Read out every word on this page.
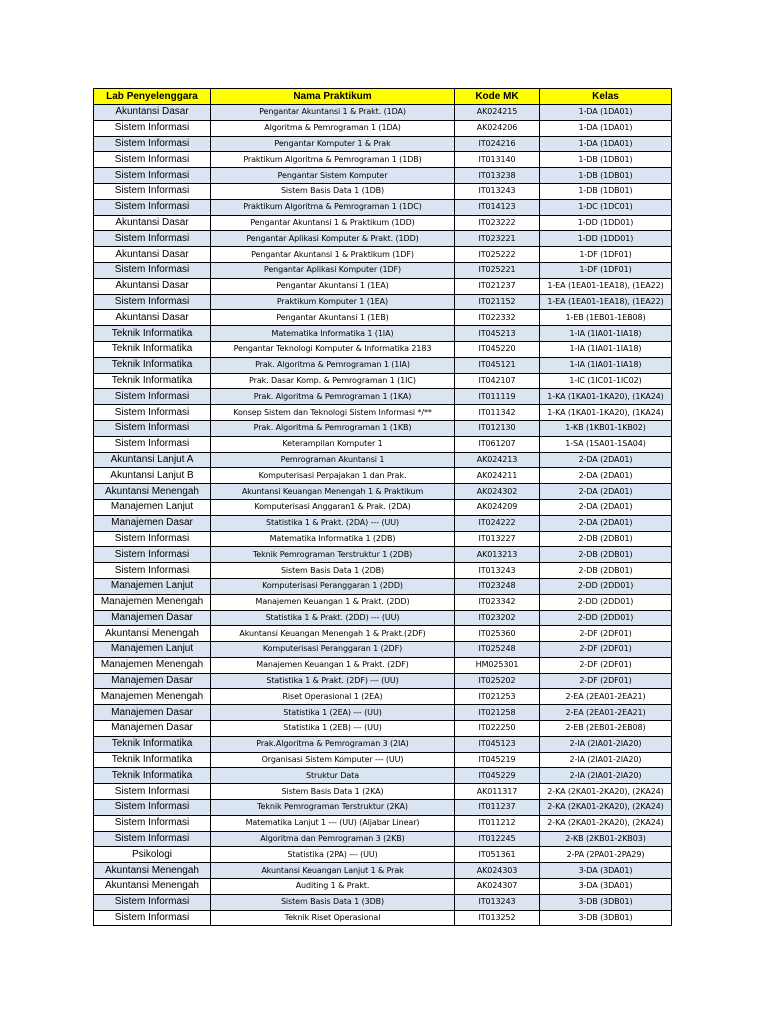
Lab Penyelenggara	Nama Praktikum	Kode MK	Kelas
Akuntansi Dasar	Pengantar Akuntansi 1 & Prakt. (1DA)	AK024215	1-DA (1DA01)
Sistem Informasi	Algoritma & Pemrograman 1 (1DA)	AK024206	1-DA (1DA01)
Sistem Informasi	Pengantar Komputer 1 & Prak	IT024216	1-DA (1DA01)
Sistem Informasi	Praktikum Algoritma & Pemrograman 1 (1DB)	IT013140	1-DB (1DB01)
Sistem Informasi	Pengantar Sistem Komputer	IT013238	1-DB (1DB01)
Sistem Informasi	Sistem Basis Data 1 (1DB)	IT013243	1-DB (1DB01)
Sistem Informasi	Praktikum Algoritma & Pemrograman 1 (1DC)	IT014123	1-DC (1DC01)
Akuntansi Dasar	Pengantar Akuntansi 1 & Praktikum (1DD)	IT023222	1-DD (1DD01)
Sistem Informasi	Pengantar Aplikasi Komputer & Prakt. (1DD)	IT023221	1-DD (1DD01)
Akuntansi Dasar	Pengantar Akuntansi 1 & Praktikum (1DF)	IT025222	1-DF (1DF01)
Sistem Informasi	Pengantar Aplikasi Komputer (1DF)	IT025221	1-DF (1DF01)
Akuntansi Dasar	Pengantar Akuntansi 1 (1EA)	IT021237	1-EA (1EA01-1EA18), (1EA22)
Sistem Informasi	Praktikum Komputer 1 (1EA)	IT021152	1-EA (1EA01-1EA18), (1EA22)
Akuntansi Dasar	Pengantar Akuntansi 1 (1EB)	IT022332	1-EB (1EB01-1EB08)
Teknik Informatika	Matematika Informatika 1 (1IA)	IT045213	1-IA (1IA01-1IA18)
Teknik Informatika	Pengantar Teknologi Komputer & Informatika 2183	IT045220	1-IA (1IA01-1IA18)
Teknik Informatika	Prak. Algoritma & Pemrograman 1 (1IA)	IT045121	1-IA (1IA01-1IA18)
Teknik Informatika	Prak. Dasar Komp. & Pemrograman 1 (1IC)	IT042107	1-IC (1IC01-1IC02)
Sistem Informasi	Prak. Algoritma & Pemrograman 1 (1KA)	IT011119	1-KA (1KA01-1KA20), (1KA24)
Sistem Informasi	Konsep Sistem dan Teknologi Sistem Informasi */**	IT011342	1-KA (1KA01-1KA20), (1KA24)
Sistem Informasi	Prak. Algoritma & Pemrograman 1 (1KB)	IT012130	1-KB (1KB01-1KB02)
Sistem Informasi	Keterampilan Komputer 1	IT061207	1-SA (1SA01-1SA04)
Akuntansi Lanjut A	Pemrograman Akuntansi 1	AK024213	2-DA (2DA01)
Akuntansi Lanjut B	Komputerisasi Perpajakan 1 dan Prak.	AK024211	2-DA (2DA01)
Akuntansi Menengah	Akuntansi Keuangan Menengah 1 & Praktikum	AK024302	2-DA (2DA01)
Manajemen Lanjut	Komputerisasi Anggaran1 & Prak. (2DA)	AK024209	2-DA (2DA01)
Manajemen Dasar	Statistika 1 & Prakt. (2DA) --- (UU)	IT024222	2-DA (2DA01)
Sistem Informasi	Matematika Informatika 1 (2DB)	IT013227	2-DB (2DB01)
Sistem Informasi	Teknik Pemrograman Terstruktur 1 (2DB)	AK013213	2-DB (2DB01)
Sistem Informasi	Sistem Basis Data 1 (2DB)	IT013243	2-DB (2DB01)
Manajemen Lanjut	Komputerisasi Peranggaran 1 (2DD)	IT023248	2-DD (2DD01)
Manajemen Menengah	Manajemen Keuangan 1 & Prakt. (2DD)	IT023342	2-DD (2DD01)
Manajemen Dasar	Statistika 1 & Prakt. (2DD) --- (UU)	IT023202	2-DD (2DD01)
Akuntansi Menengah	Akuntansi Keuangan Menengah 1 & Prakt.(2DF)	IT025360	2-DF (2DF01)
Manajemen Lanjut	Komputerisasi Peranggaran 1 (2DF)	IT025248	2-DF (2DF01)
Manajemen Menengah	Manajemen Keuangan 1 & Prakt. (2DF)	HM025301	2-DF (2DF01)
Manajemen Dasar	Statistika 1 & Prakt. (2DF) --- (UU)	IT025202	2-DF (2DF01)
Manajemen Menengah	Riset Operasional 1 (2EA)	IT021253	2-EA (2EA01-2EA21)
Manajemen Dasar	Statistika 1 (2EA) --- (UU)	IT021258	2-EA (2EA01-2EA21)
Manajemen Dasar	Statistika 1 (2EB) --- (UU)	IT022250	2-EB (2EB01-2EB08)
Teknik Informatika	Prak.Algoritma & Pemrograman 3 (2IA)	IT045123	2-IA (2IA01-2IA20)
Teknik Informatika	Organisasi Sistem Komputer --- (UU)	IT045219	2-IA (2IA01-2IA20)
Teknik Informatika	Struktur Data	IT045229	2-IA (2IA01-2IA20)
Sistem Informasi	Sistem Basis Data 1 (2KA)	AK011317	2-KA (2KA01-2KA20), (2KA24)
Sistem Informasi	Teknik Pemrograman Terstruktur (2KA)	IT011237	2-KA (2KA01-2KA20), (2KA24)
Sistem Informasi	Matematika Lanjut 1 --- (UU) (Aljabar Linear)	IT011212	2-KA (2KA01-2KA20), (2KA24)
Sistem Informasi	Algoritma dan Pemrograman 3 (2KB)	IT012245	2-KB (2KB01-2KB03)
Psikologi	Statistika (2PA) --- (UU)	IT051361	2-PA (2PA01-2PA29)
Akuntansi Menengah	Akuntansi Keuangan Lanjut 1 & Prak	AK024303	3-DA (3DA01)
Akuntansi Menengah	Auditing 1 & Prakt.	AK024307	3-DA (3DA01)
Sistem Informasi	Sistem Basis Data 1 (3DB)	IT013243	3-DB (3DB01)
Sistem Informasi	Teknik Riset Operasional	IT013252	3-DB (3DB01)
